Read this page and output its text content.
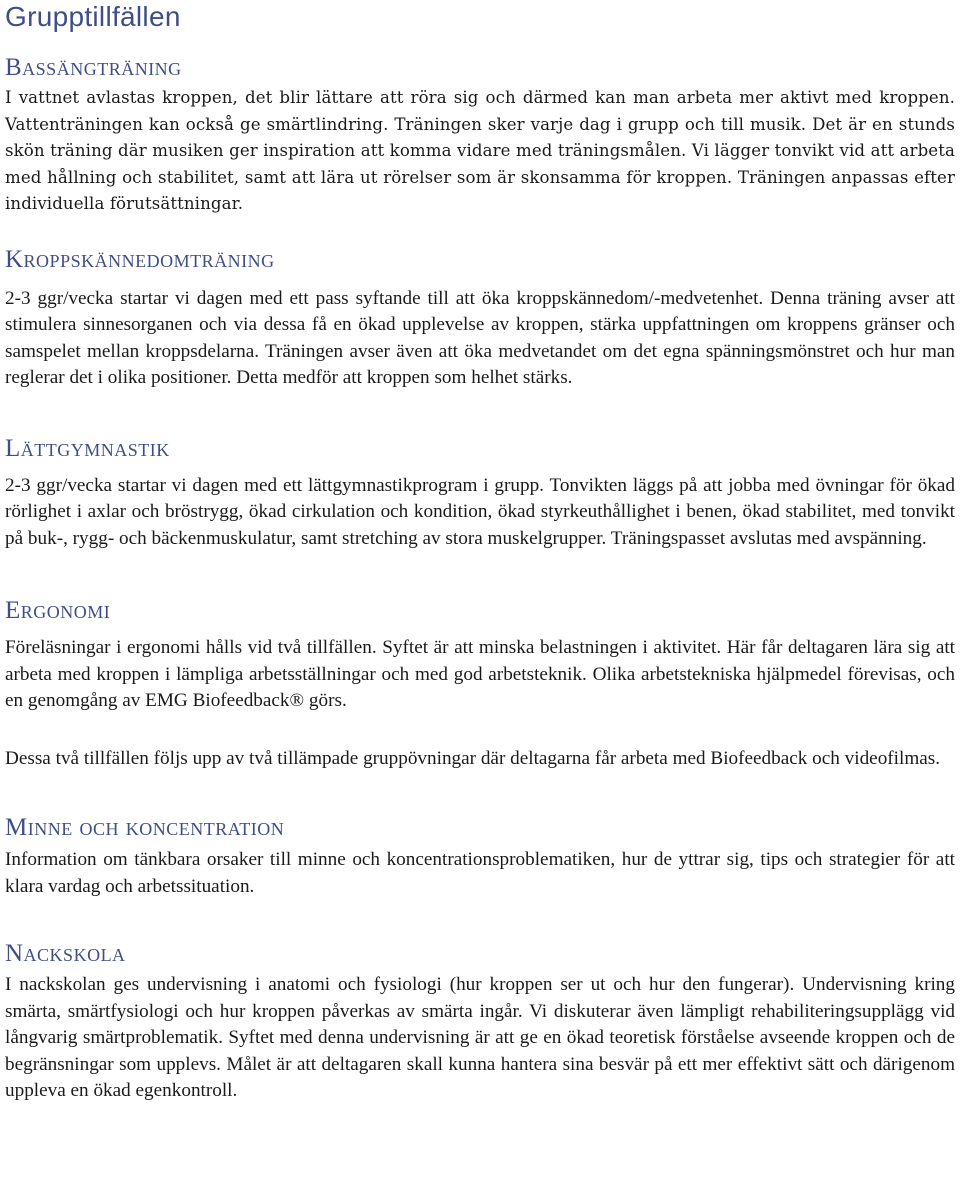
Grupptillfällen
Bassängträning

I vattnet avlastas kroppen, det blir lättare att röra sig och därmed kan man arbeta mer aktivt med kroppen. Vattenträningen kan också ge smärtlindring. Träningen sker varje dag i grupp och till musik. Det är en stunds skön träning där musiken ger inspiration att komma vidare med träningsmålen. Vi lägger tonvikt vid att arbeta med hållning och stabilitet, samt att lära ut rörelser som är skonsamma för kroppen. Träningen anpassas efter individuella förutsättningar.

Kroppskännedomträning

2-3 ggr/vecka startar vi dagen med ett pass syftande till att öka kroppskännedom/-medvetenhet. Denna träning avser att stimulera sinnesorganen och via dessa få en ökad upplevelse av kroppen, stärka uppfattningen om kroppens gränser och samspelet mellan kroppsdelarna. Träningen avser även att öka medvetandet om det egna spänningsmönstret och hur man reglerar det i olika positioner. Detta medför att kroppen som helhet stärks.

Lättgymnastik

2-3 ggr/vecka startar vi dagen med ett lättgymnastikprogram i grupp. Tonvikten läggs på att jobba med övningar för ökad rörlighet i axlar och bröstrygg, ökad cirkulation och kondition, ökad styrkeuthållighet i benen, ökad stabilitet, med tonvikt på buk-, rygg- och bäckenmuskulatur, samt stretching av stora muskelgrupper. Träningspasset avslutas med avspänning.

Ergonomi

Föreläsningar i ergonomi hålls vid två tillfällen. Syftet är att minska belastningen i aktivitet. Här får deltagaren lära sig att arbeta med kroppen i lämpliga arbetsställningar och med god arbetsteknik. Olika arbetstekniska hjälpmedel förevisas, och en genomgång av EMG Biofeedback® görs.

Dessa två tillfällen följs upp av två tillämpade gruppövningar där deltagarna får arbeta med Biofeedback och videofilmas.

Minne och koncentration

Information om tänkbara orsaker till minne och koncentrationsproblematiken, hur de yttrar sig, tips och strategier för att klara vardag och arbetssituation.

Nackskola

I nackskolan ges undervisning i anatomi och fysiologi (hur kroppen ser ut och hur den fungerar). Undervisning kring smärta, smärtfysiologi och hur kroppen påverkas av smärta ingår. Vi diskuterar även lämpligt rehabiliteringsupplägg vid långvarig smärtproblematik. Syftet med denna undervisning är att ge en ökad teoretisk förståelse avseende kroppen och de begränsningar som upplevs. Målet är att deltagaren skall kunna hantera sina besvär på ett mer effektivt sätt och därigenom uppleva en ökad egenkontroll.
